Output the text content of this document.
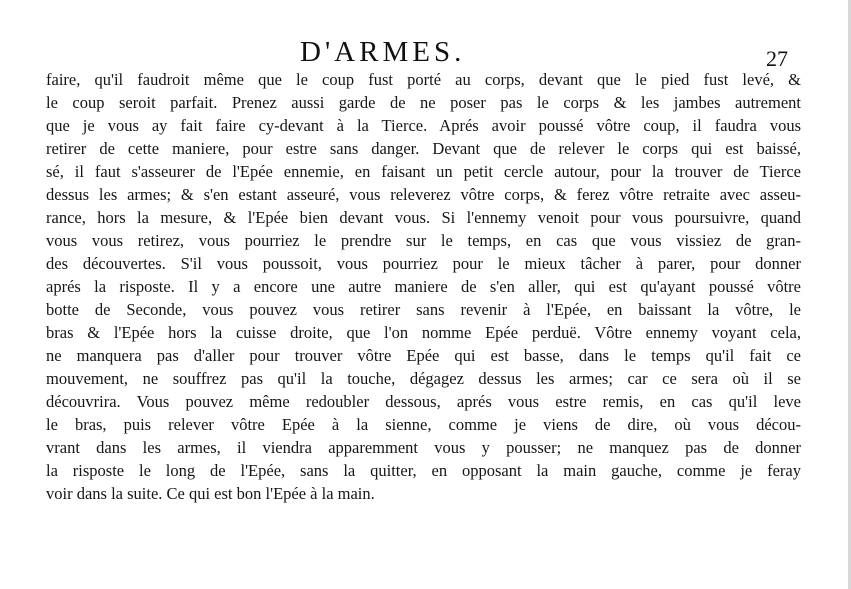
D'ARMES.	27
faire, qu'il faudroit même que le coup fust porté au corps, devant que le pied fust levé, &
le coup seroit parfait. Prenez aussi garde de ne poser pas le corps & les jambes autrement
que je vous ay fait faire cy-devant à la Tierce. Aprés avoir poussé vôtre coup, il faudra vous
retirer de cette maniere, pour estre sans danger. Devant que de relever le corps qui est baissé,
sé, il faut s'asseurer de l'Epée ennemie, en faisant un petit cercle autour, pour la trouver de Tierce
dessus les armes; & s'en estant asseuré, vous releverez vôtre corps, & ferez vôtre retraite avec asseu-
rance, hors la mesure, & l'Epée bien devant vous. Si l'ennemy venoit pour vous poursuivre, quand
vous vous retirez, vous pourriez le prendre sur le temps, en cas que vous vissiez de gran-
des découvertes. S'il vous poussoit, vous pourriez pour le mieux tâcher à parer, pour donner
aprés la risposte. Il y a encore une autre maniere de s'en aller, qui est qu'ayant poussé vôtre
botte de Seconde, vous pouvez vous retirer sans revenir à l'Epée, en baissant la vôtre, le
bras & l'Epée hors la cuisse droite, que l'on nomme Epée perduë. Vôtre ennemy voyant cela,
ne manquera pas d'aller pour trouver vôtre Epée qui est basse, dans le temps qu'il fait ce
mouvement, ne souffrez pas qu'il la touche, dégagez dessus les armes; car ce sera où il se
découvrira. Vous pouvez même redoubler dessous, aprés vous estre remis, en cas qu'il leve
le bras, puis relever vôtre Epée à la sienne, comme je viens de dire, où vous décou-
vrant dans les armes, il viendra apparemment vous y pousser; ne manquez pas de donner
la risposte le long de l'Epée, sans la quitter, en opposant la main gauche, comme je feray
voir dans la suite. Ce qui est bon l'Epée à la main.
